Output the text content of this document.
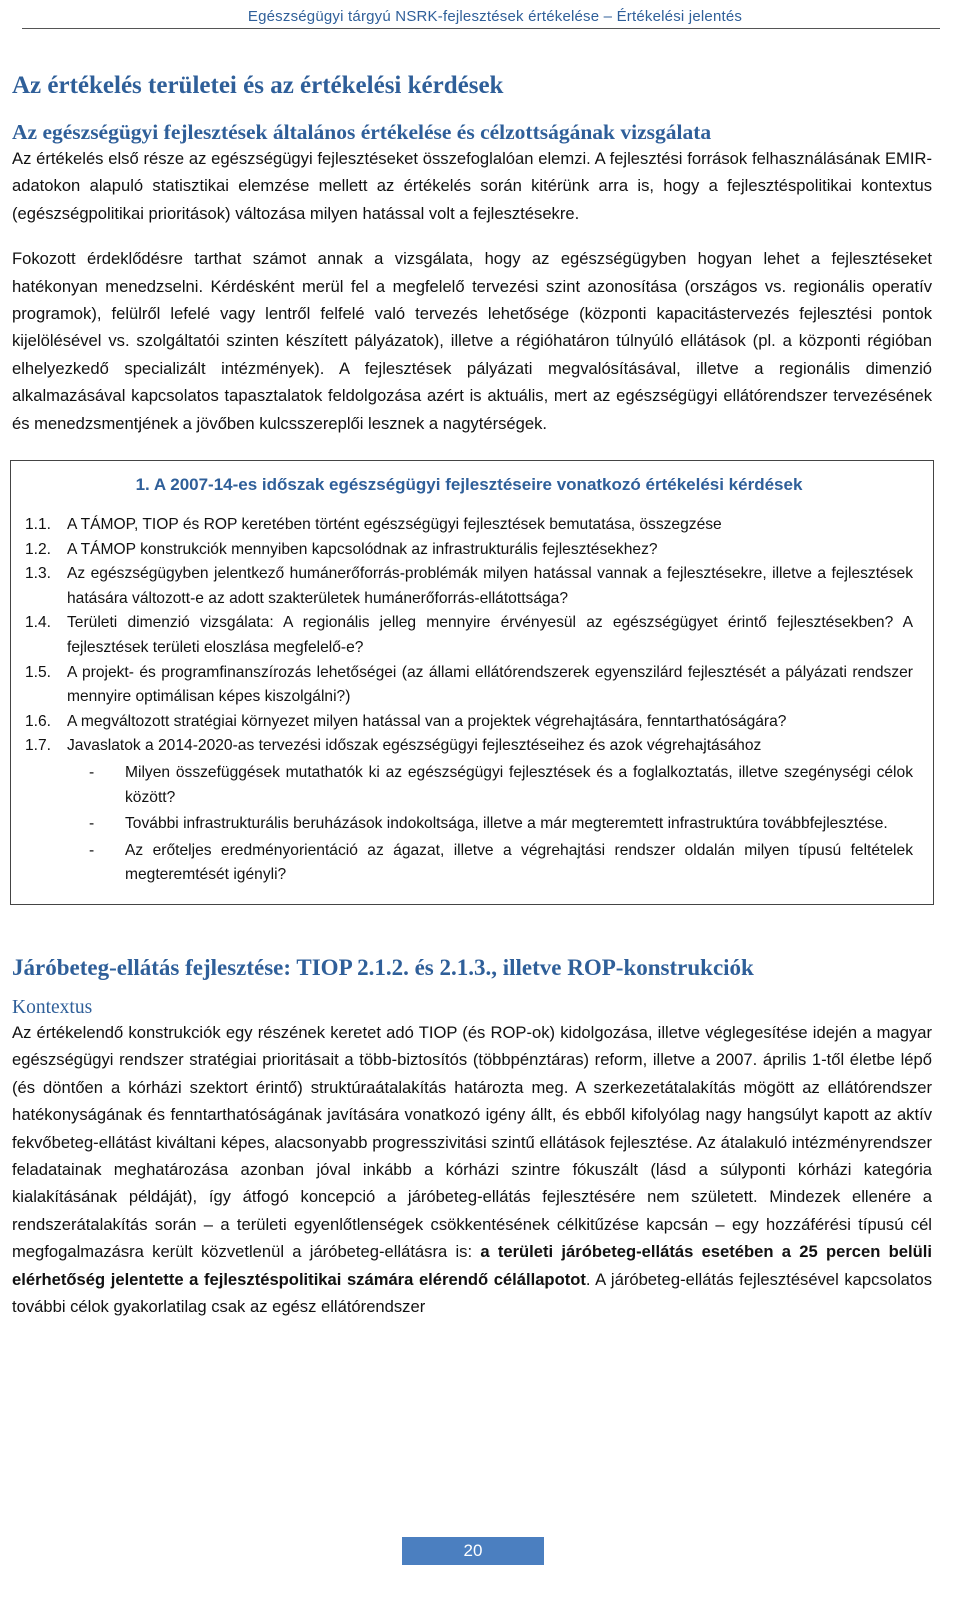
Egészségügyi tárgyú NSRK-fejlesztések értékelése – Értékelési jelentés
Az értékelés területei és az értékelési kérdések
Az egészségügyi fejlesztések általános értékelése és célzottságának vizsgálata

Az értékelés első része az egészségügyi fejlesztéseket összefoglalóan elemzi. A fejlesztési források felhasználásának EMIR-adatokon alapuló statisztikai elemzése mellett az értékelés során kitérünk arra is, hogy a fejlesztéspolitikai kontextus (egészségpolitikai prioritások) változása milyen hatással volt a fejlesztésekre.

Fokozott érdeklődésre tarthat számot annak a vizsgálata, hogy az egészségügyben hogyan lehet a fejlesztéseket hatékonyan menedzselni. Kérdésként merül fel a megfelelő tervezési szint azonosítása (országos vs. regionális operatív programok), felülről lefelé vagy lentről felfelé való tervezés lehetősége (központi kapacitástervezés fejlesztési pontok kijelölésével vs. szolgáltatói szinten készített pályázatok), illetve a régióhatáron túlnyúló ellátások (pl. a központi régióban elhelyezkedő specializált intézmények). A fejlesztések pályázati megvalósításával, illetve a regionális dimenzió alkalmazásával kapcsolatos tapasztalatok feldolgozása azért is aktuális, mert az egészségügyi ellátórendszer tervezésének és menedzsmentjének a jövőben kulcsszereplői lesznek a nagytérségek.

1. A 2007-14-es időszak egészségügyi fejlesztéseire vonatkozó értékelési kérdések
1.1. A TÁMOP, TIOP és ROP keretében történt egészségügyi fejlesztések bemutatása, összegzése
1.2. A TÁMOP konstrukciók mennyiben kapcsolódnak az infrastrukturális fejlesztésekhez?
1.3. Az egészségügyben jelentkező humánerőforrás-problémák milyen hatással vannak a fejlesztésekre, illetve a fejlesztések hatására változott-e az adott szakterületek humánerőforrás-ellátottsága?
1.4. Területi dimenzió vizsgálata: A regionális jelleg mennyire érvényesül az egészségügyet érintő fejlesztésekben? A fejlesztések területi eloszlása megfelelő-e?
1.5. A projekt- és programfinanszírozás lehetőségei (az állami ellátórendszerek egyenszilárd fejlesztését a pályázati rendszer mennyire optimálisan képes kiszolgálni?)
1.6. A megváltozott stratégiai környezet milyen hatással van a projektek végrehajtására, fenntarthatóságára?
1.7. Javaslatok a 2014-2020-as tervezési időszak egészségügyi fejlesztéseihez és azok végrehajtásához
- Milyen összefüggések mutathatók ki az egészségügyi fejlesztések és a foglalkoztatás, illetve szegénységi célok között?
- További infrastrukturális beruházások indokoltsága, illetve a már megteremtett infrastruktúra továbbfejlesztése.
- Az erőteljes eredményorientáció az ágazat, illetve a végrehajtási rendszer oldalán milyen típusú feltételek megteremtését igényli?
Járóbeteg-ellátás fejlesztése: TIOP 2.1.2. és 2.1.3., illetve ROP-konstrukciók
Kontextus

Az értékelendő konstrukciók egy részének keretet adó TIOP (és ROP-ok) kidolgozása, illetve véglegesítése idején a magyar egészségügyi rendszer stratégiai prioritásait a több-biztosítós (többpénztáras) reform, illetve a 2007. április 1-től életbe lépő (és döntően a kórházi szektort érintő) struktúraátalakítás határozta meg. A szerkezetátalakítás mögött az ellátórendszer hatékonyságának és fenntarthatóságának javítására vonatkozó igény állt, és ebből kifolyólag nagy hangsúlyt kapott az aktív fekvőbeteg-ellátást kiváltani képes, alacsonyabb progresszivitási szintű ellátások fejlesztése. Az átalakuló intézményrendszer feladatainak meghatározása azonban jóval inkább a kórházi szintre fókuszált (lásd a súlyponti kórházi kategória kialakításának példáját), így átfogó koncepció a járóbeteg-ellátás fejlesztésére nem született. Mindezek ellenére a rendszerátalakítás során – a területi egyenlőtlenségek csökkentésének célkitűzése kapcsán – egy hozzáférési típusú cél megfogalmazásra került közvetlenül a járóbeteg-ellátásra is: a területi járóbeteg-ellátás esetében a 25 percen belüli elérhetőség jelentette a fejlesztéspolitikai számára elérendő célállapotot. A járóbeteg-ellátás fejlesztésével kapcsolatos további célok gyakorlatilag csak az egész ellátórendszer

20
